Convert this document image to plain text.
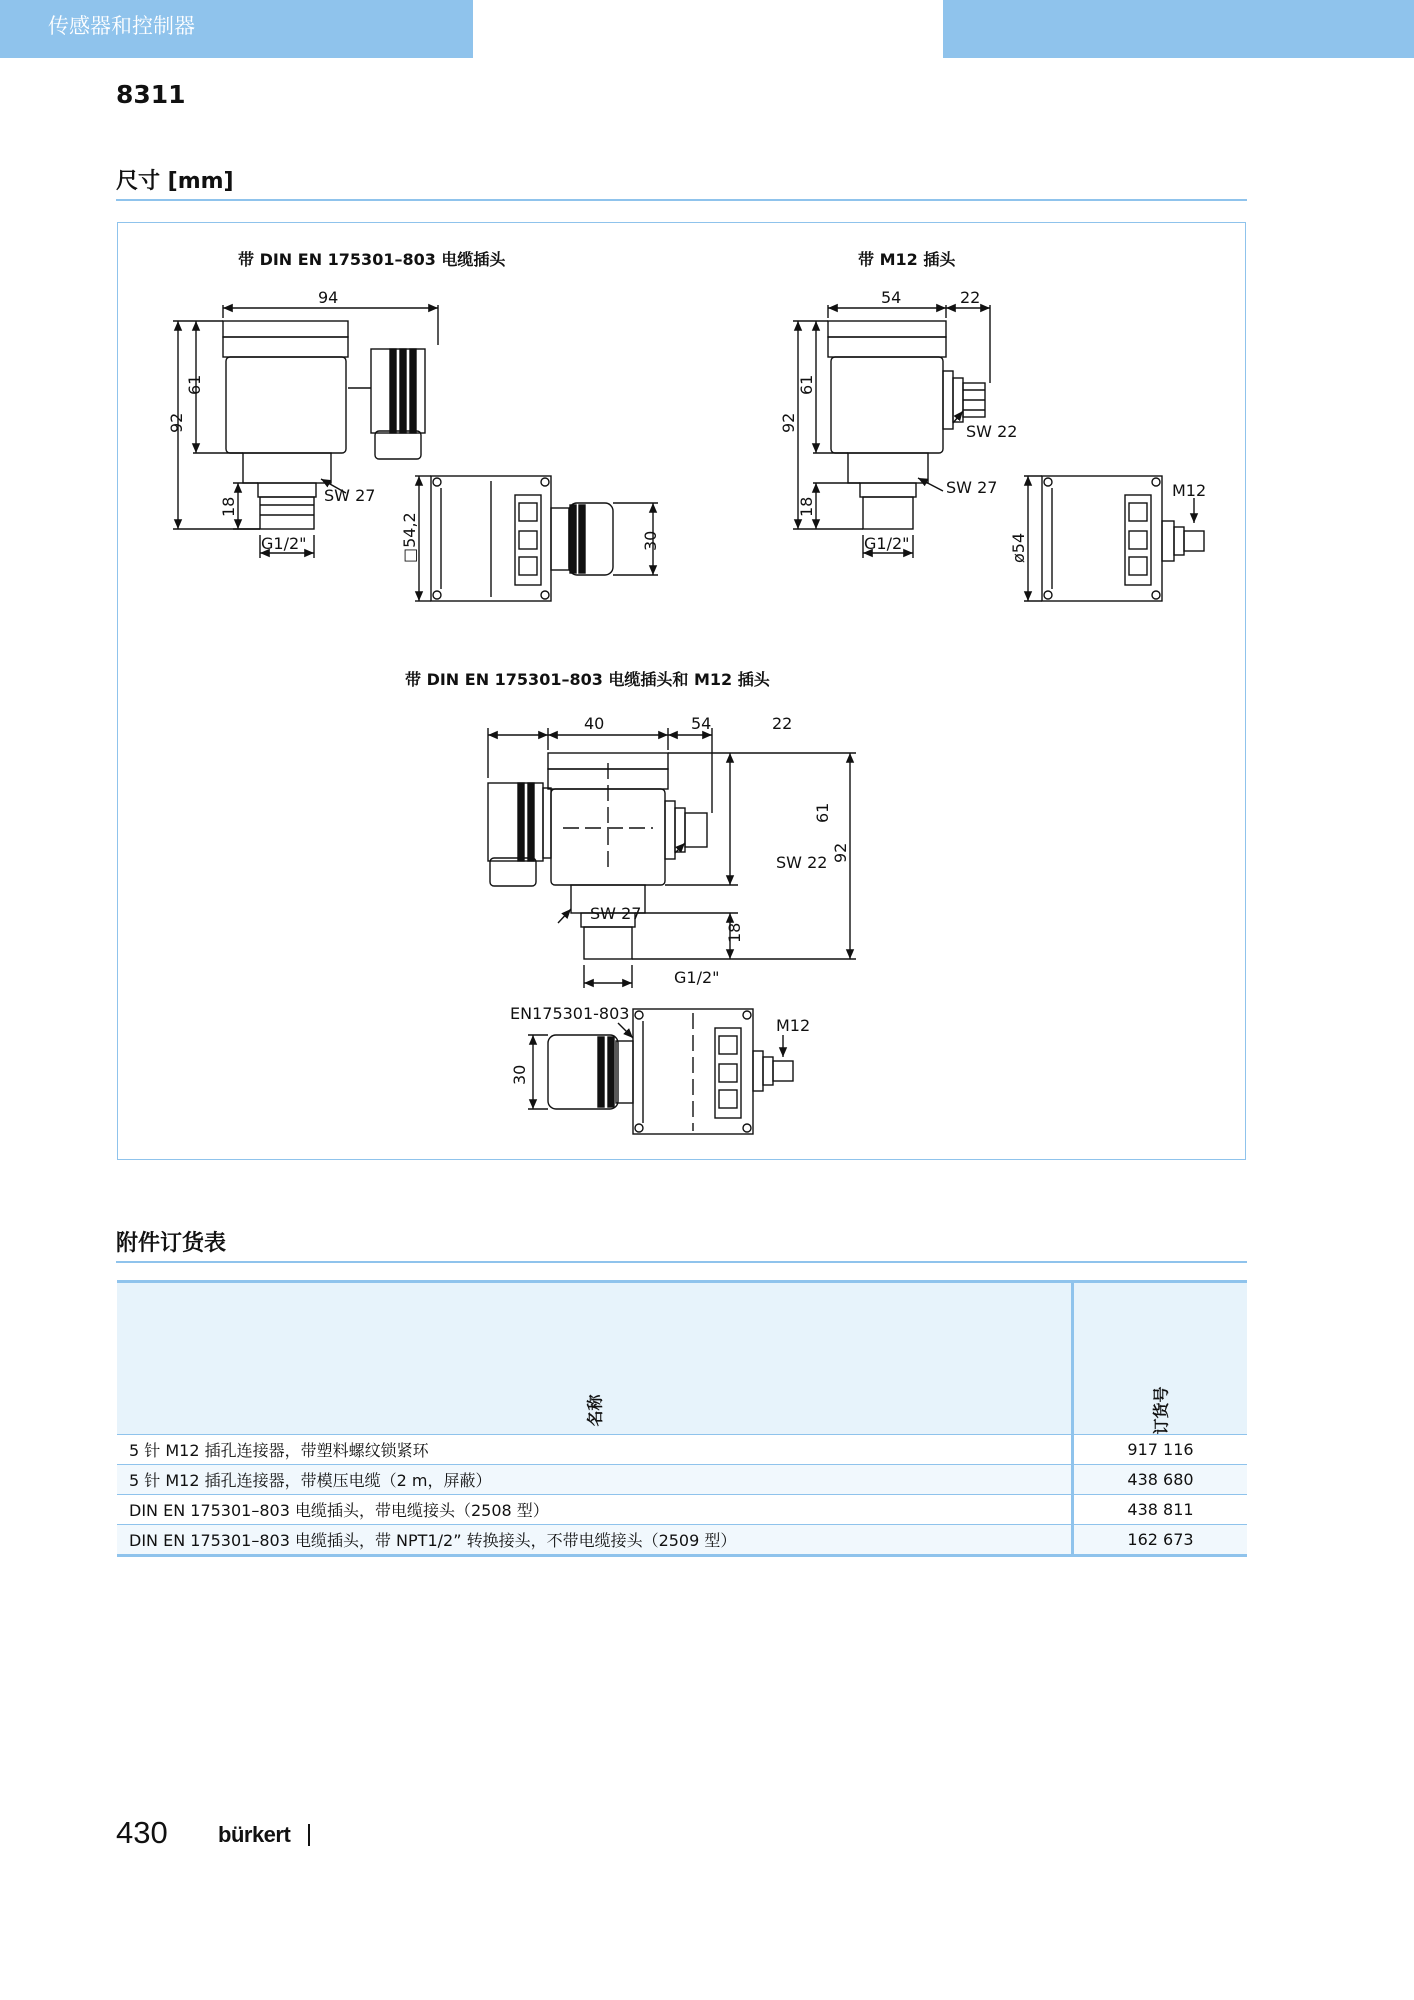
传感器和控制器
8311
尺寸 [mm]
带 DIN EN 175301–803 电缆插头	带 M12 插头
带 DIN EN 175301–803 电缆插头和 M12 插头
94
61
92
18
SW 27
G1/2"	□54,2	30
54	22
61
92
18
SW 22
SW 27
G1/2"	ø54
M12
40	54	22
61
92
18
SW 22
SW 27
G1/2"
EN175301-803
M12
30
附件订货表
名称	订货号
5 针 M12 插孔连接器，带塑料螺纹锁紧环	917 116
5 针 M12 插孔连接器，带模压电缆（2 m，屏蔽）	438 680
DIN EN 175301–803 电缆插头，带电缆接头（2508 型）	438 811
DIN EN 175301–803 电缆插头，带 NPT1/2” 转换接头，不带电缆接头（2509 型）	162 673
430 bürkert
